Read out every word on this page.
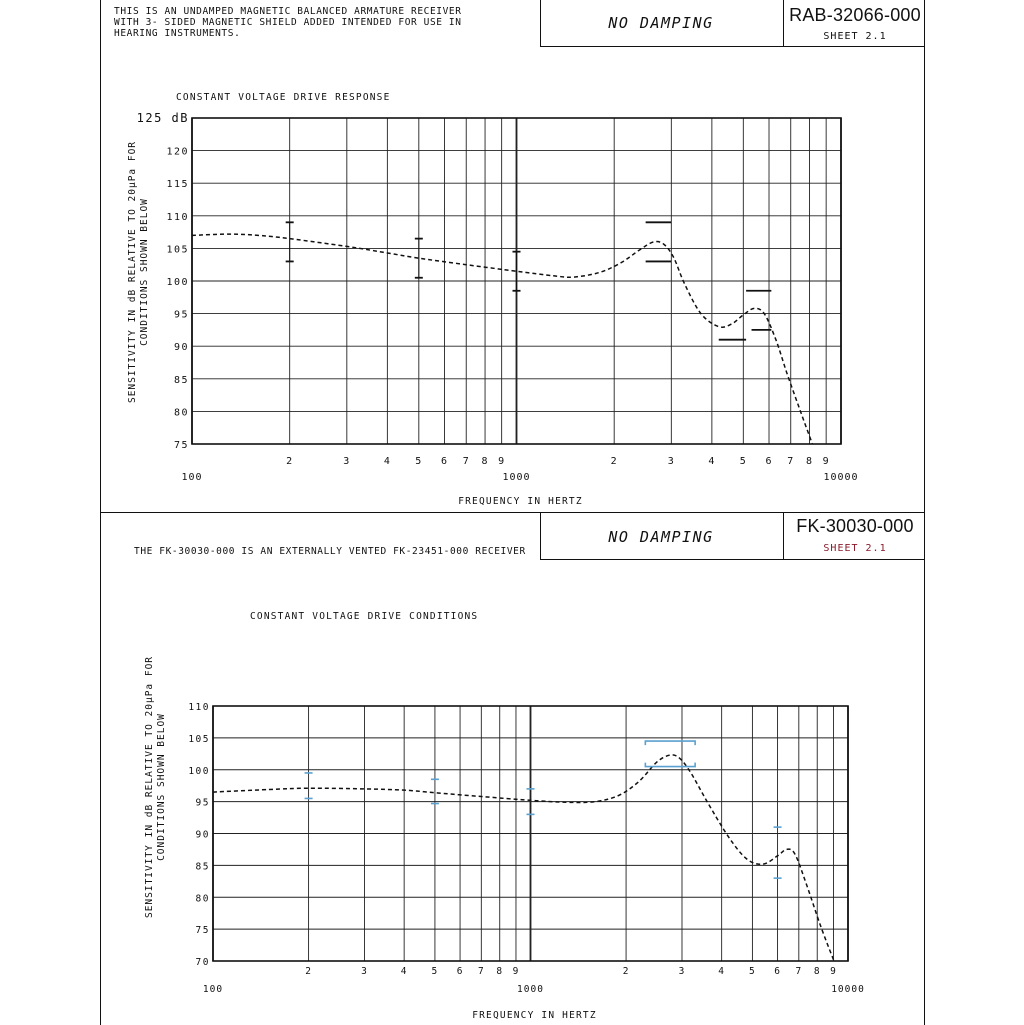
THIS IS AN UNDAMPED MAGNETIC BALANCED ARMATURE RECEIVER
WITH 3- SIDED MAGNETIC SHIELD ADDED INTENDED FOR USE IN
HEARING INSTRUMENTS.
NO DAMPING	RAB-32066-000
SHEET 2.1
NO DAMPING
FK-30030-000
SHEET 2.1
THE FK-30030-000 IS AN EXTERNALLY VENTED FK-23451-000 RECEIVER
75
80
85
90
95
100
105
110
115
120
125 dB
100
2	3	4 5 6 7 8 9
1000
2	3	4 5 6 7 8 9
10000
CONSTANT VOLTAGE DRIVE RESPONSE
FREQUENCY IN HERTZ
SENSITIVITY IN dB RELATIVE TO 20µPa FOR CONDITIONS SHOWN BELOW
70
75
80
85
90
95
100
105
110
100
2	3	4	5 6 7 8 9
1000
2	3	4	5 6 7 8 9
10000
CONSTANT VOLTAGE DRIVE CONDITIONS
FREQUENCY IN HERTZ
SENSITIVITY IN dB RELATIVE TO 20µPa FOR CONDITIONS SHOWN BELOW
